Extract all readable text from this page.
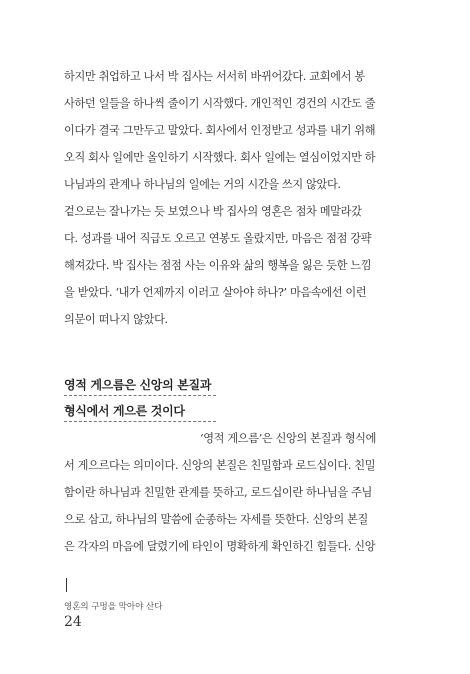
하지만 취업하고 나서 박 집사는 서서히 바뀌어갔다. 교회에서 봉
사하던 일들을 하나씩 줄이기 시작했다. 개인적인 경건의 시간도 줄
이다가 결국 그만두고 말았다. 회사에서 인정받고 성과를 내기 위해
오직 회사 일에만 올인하기 시작했다. 회사 일에는 열심이었지만 하
나님과의 관계나 하나님의 일에는 거의 시간을 쓰지 않았다.
겉으로는 잘나가는 듯 보였으나 박 집사의 영혼은 점차 메말라갔
다. 성과를 내어 직급도 오르고 연봉도 올랐지만, 마음은 점점 강퍅
해져갔다. 박 집사는 점점 사는 이유와 삶의 행복을 잃은 듯한 느낌
을 받았다. ‘내가 언제까지 이러고 살아야 하나?’ 마음속에선 이런
의문이 떠나지 않았다.
영적 게으름은 신앙의 본질과
형식에서 게으른 것이다
‘영적 게으름’은 신앙의 본질과 형식에
서 게으르다는 의미이다. 신앙의 본질은 친밀함과 로드십이다. 친밀
함이란 하나님과 친밀한 관계를 뜻하고, 로드십이란 하나님을 주님
으로 삼고, 하나님의 말씀에 순종하는 자세를 뜻한다. 신앙의 본질
은 각자의 마음에 달렸기에 타인이 명확하게 확인하긴 힘들다. 신앙
영혼의 구멍을 막아야 산다
24
